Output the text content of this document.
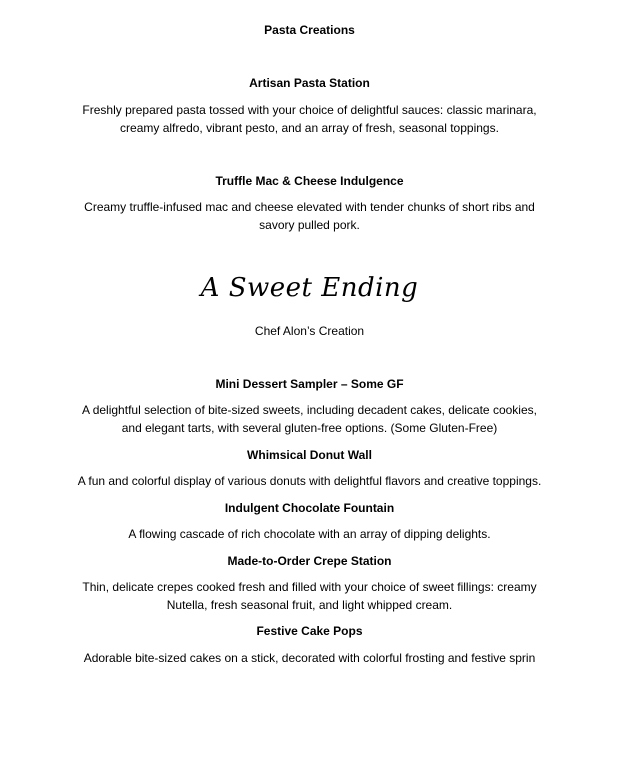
Pasta Creations
Artisan Pasta Station
Freshly prepared pasta tossed with your choice of delightful sauces: classic marinara,
creamy alfredo, vibrant pesto, and an array of fresh, seasonal toppings.
Truffle Mac & Cheese Indulgence
Creamy truffle-infused mac and cheese elevated with tender chunks of short ribs and
savory pulled pork.
A Sweet Ending
Chef Alon’s Creation
Mini Dessert Sampler – Some GF
A delightful selection of bite-sized sweets, including decadent cakes, delicate cookies,
and elegant tarts, with several gluten-free options. (Some Gluten-Free)
Whimsical Donut Wall
A fun and colorful display of various donuts with delightful flavors and creative toppings.
Indulgent Chocolate Fountain
A flowing cascade of rich chocolate with an array of dipping delights.
Made-to-Order Crepe Station
Thin, delicate crepes cooked fresh and filled with your choice of sweet fillings: creamy
Nutella, fresh seasonal fruit, and light whipped cream.
Festive Cake Pops
Adorable bite-sized cakes on a stick, decorated with colorful frosting and festive sprin
